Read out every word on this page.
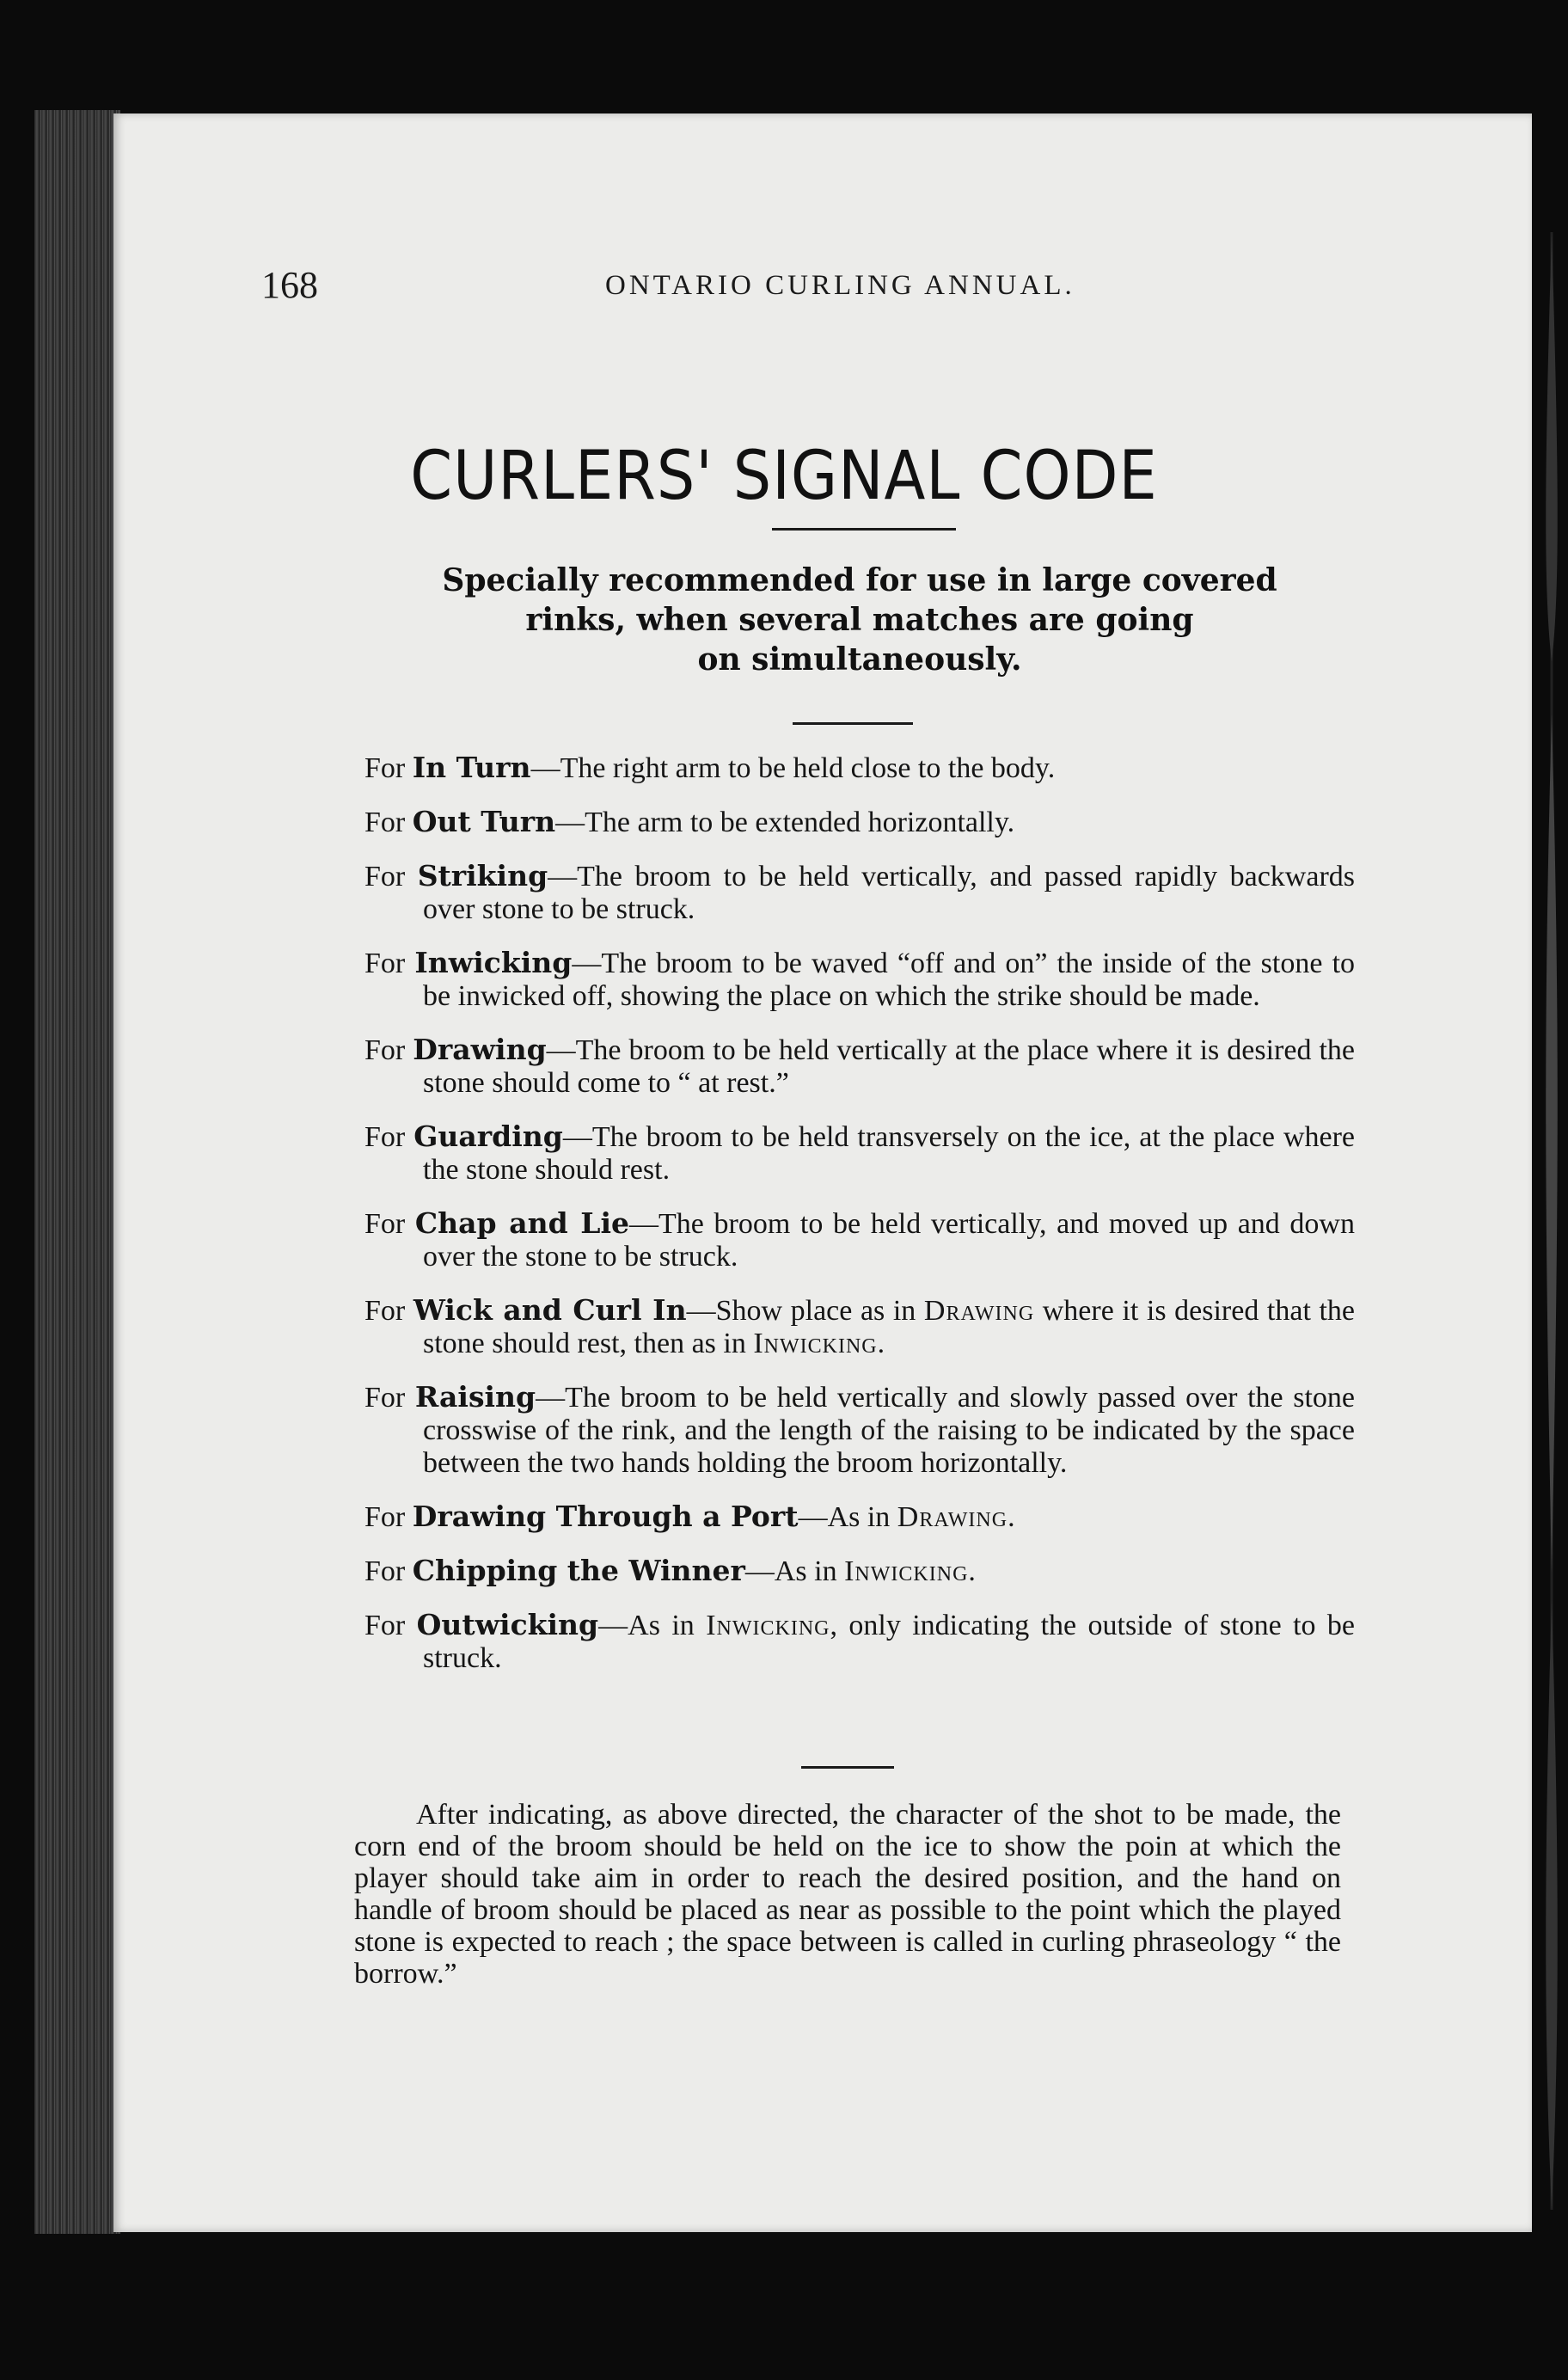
168	ONTARIO CURLING ANNUAL.
CURLERS' SIGNAL CODE
Specially recommended for use in large covered
rinks, when several matches are going
on simultaneously.
For In Turn—The right arm to be held close to the body.
For Out Turn—The arm to be extended horizontally.
For Striking—The broom to be held vertically, and passed rapidly backwards over stone to be struck.
For Inwicking—The broom to be waved “off and on” the inside of the stone to be inwicked off, showing the place on which the strike should be made.
For Drawing—The broom to be held vertically at the place where it is desired the stone should come to “ at rest.”
For Guarding—The broom to be held transversely on the ice, at the place where the stone should rest.
For Chap and Lie—The broom to be held vertically, and moved up and down over the stone to be struck.
For Wick and Curl In—Show place as in Drawing where it is desired that the stone should rest, then as in Inwicking.
For Raising—The broom to be held vertically and slowly passed over the stone crosswise of the rink, and the length of the raising to be indicated by the space between the two hands holding the broom horizontally.
For Drawing Through a Port—As in Drawing.
For Chipping the Winner—As in Inwicking.
For Outwicking—As in Inwicking, only indicating the outside of stone to be struck.
After indicating, as above directed, the character of the shot to be made, the corn end of the broom should be held on the ice to show the poin at which the player should take aim in order to reach the desired position, and the hand on handle of broom should be placed as near as possible to the point which the played stone is expected to reach ; the space between is called in curling phraseology “ the borrow.”
